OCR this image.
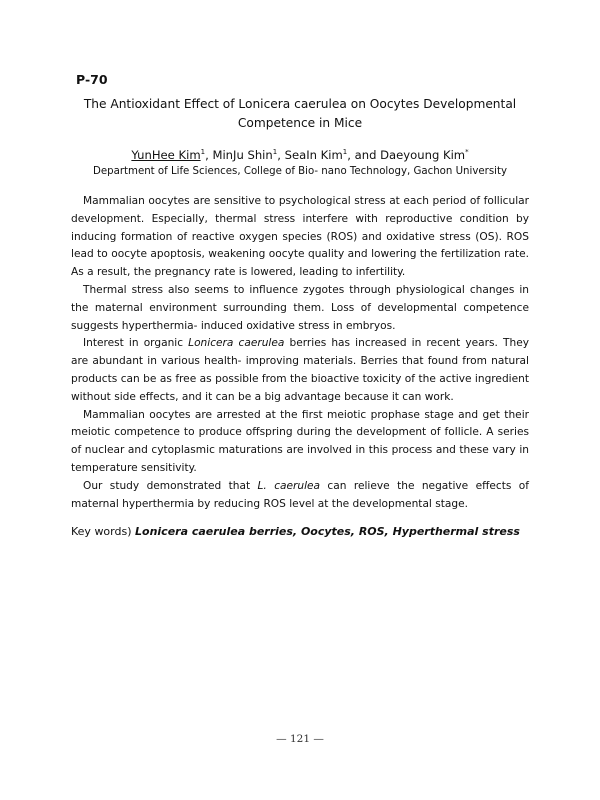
P-70
The Antioxidant Effect of Lonicera caerulea on Oocytes Developmental Competence in Mice
YunHee Kim$^1$, MinJu Shin$^1$, SeaIn Kim$^1$, and Daeyoung Kim*
Department of Life Sciences, College of Bio- nano Technology, Gachon University

Mammalian oocytes are sensitive to psychological stress at each period of follicular development. Especially, thermal stress interfere with reproductive condition by inducing formation of reactive oxygen species (ROS) and oxidative stress (OS). ROS lead to oocyte apoptosis, weakening oocyte quality and lowering the fertilization rate. As a result, the pregnancy rate is lowered, leading to infertility.

Thermal stress also seems to influence zygotes through physiological changes in the maternal environment surrounding them. Loss of developmental competence suggests hyperthermia- induced oxidative stress in embryos.

Interest in organic Lonicera caerulea berries has increased in recent years. They are abundant in various health- improving materials. Berries that found from natural products can be as free as possible from the bioactive toxicity of the active ingredient without side effects, and it can be a big advantage because it can work.

Mammalian oocytes are arrested at the first meiotic prophase stage and get their meiotic competence to produce offspring during the development of follicle. A series of nuclear and cytoplasmic maturations are involved in this process and these vary in temperature sensitivity.

Our study demonstrated that L. caerulea can relieve the negative effects of maternal hyperthermia by reducing ROS level at the developmental stage.

Key words) Lonicera caerulea berries, Oocytes, ROS, Hyperthermal stress
— 121 —
